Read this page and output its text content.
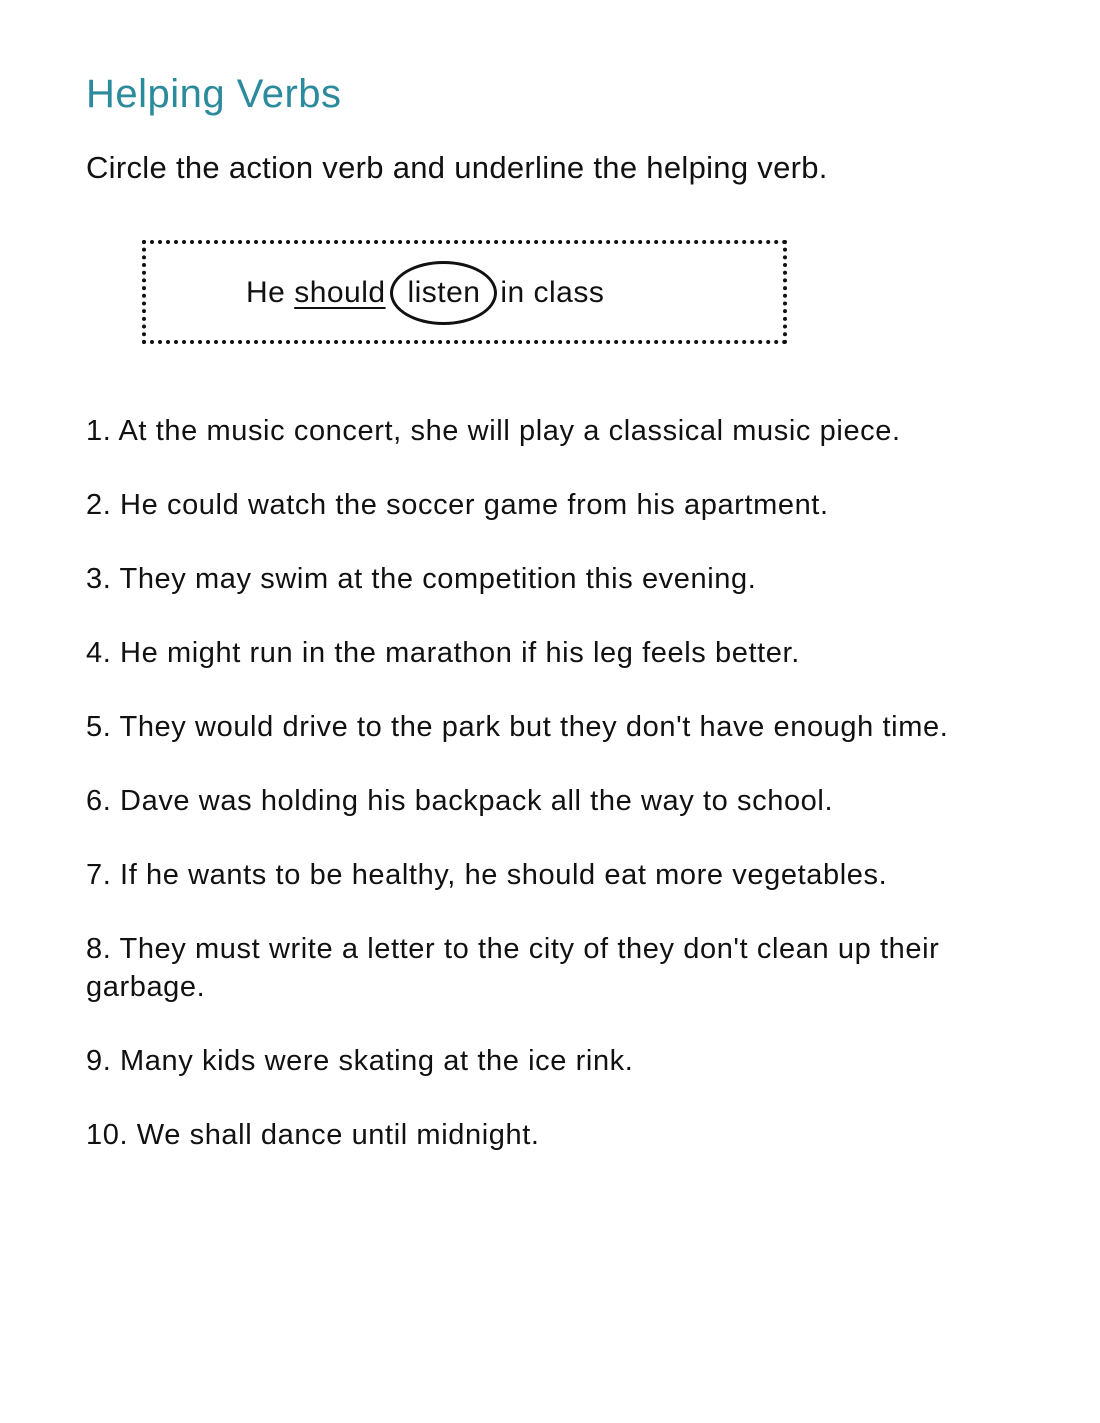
Helping Verbs

Circle the action verb and underline the helping verb.

He should listen in class
1. At the music concert, she will play a classical music piece.
2. He could watch the soccer game from his apartment.
3. They may swim at the competition this evening.
4. He might run in the marathon if his leg feels better.
5. They would drive to the park but they don't have enough time.
6. Dave was holding his backpack all the way to school.
7. If he wants to be healthy, he should eat more vegetables.
8. They must write a letter to the city of they don't clean up their garbage.
9. Many kids were skating at the ice rink.
10. We shall dance until midnight.
